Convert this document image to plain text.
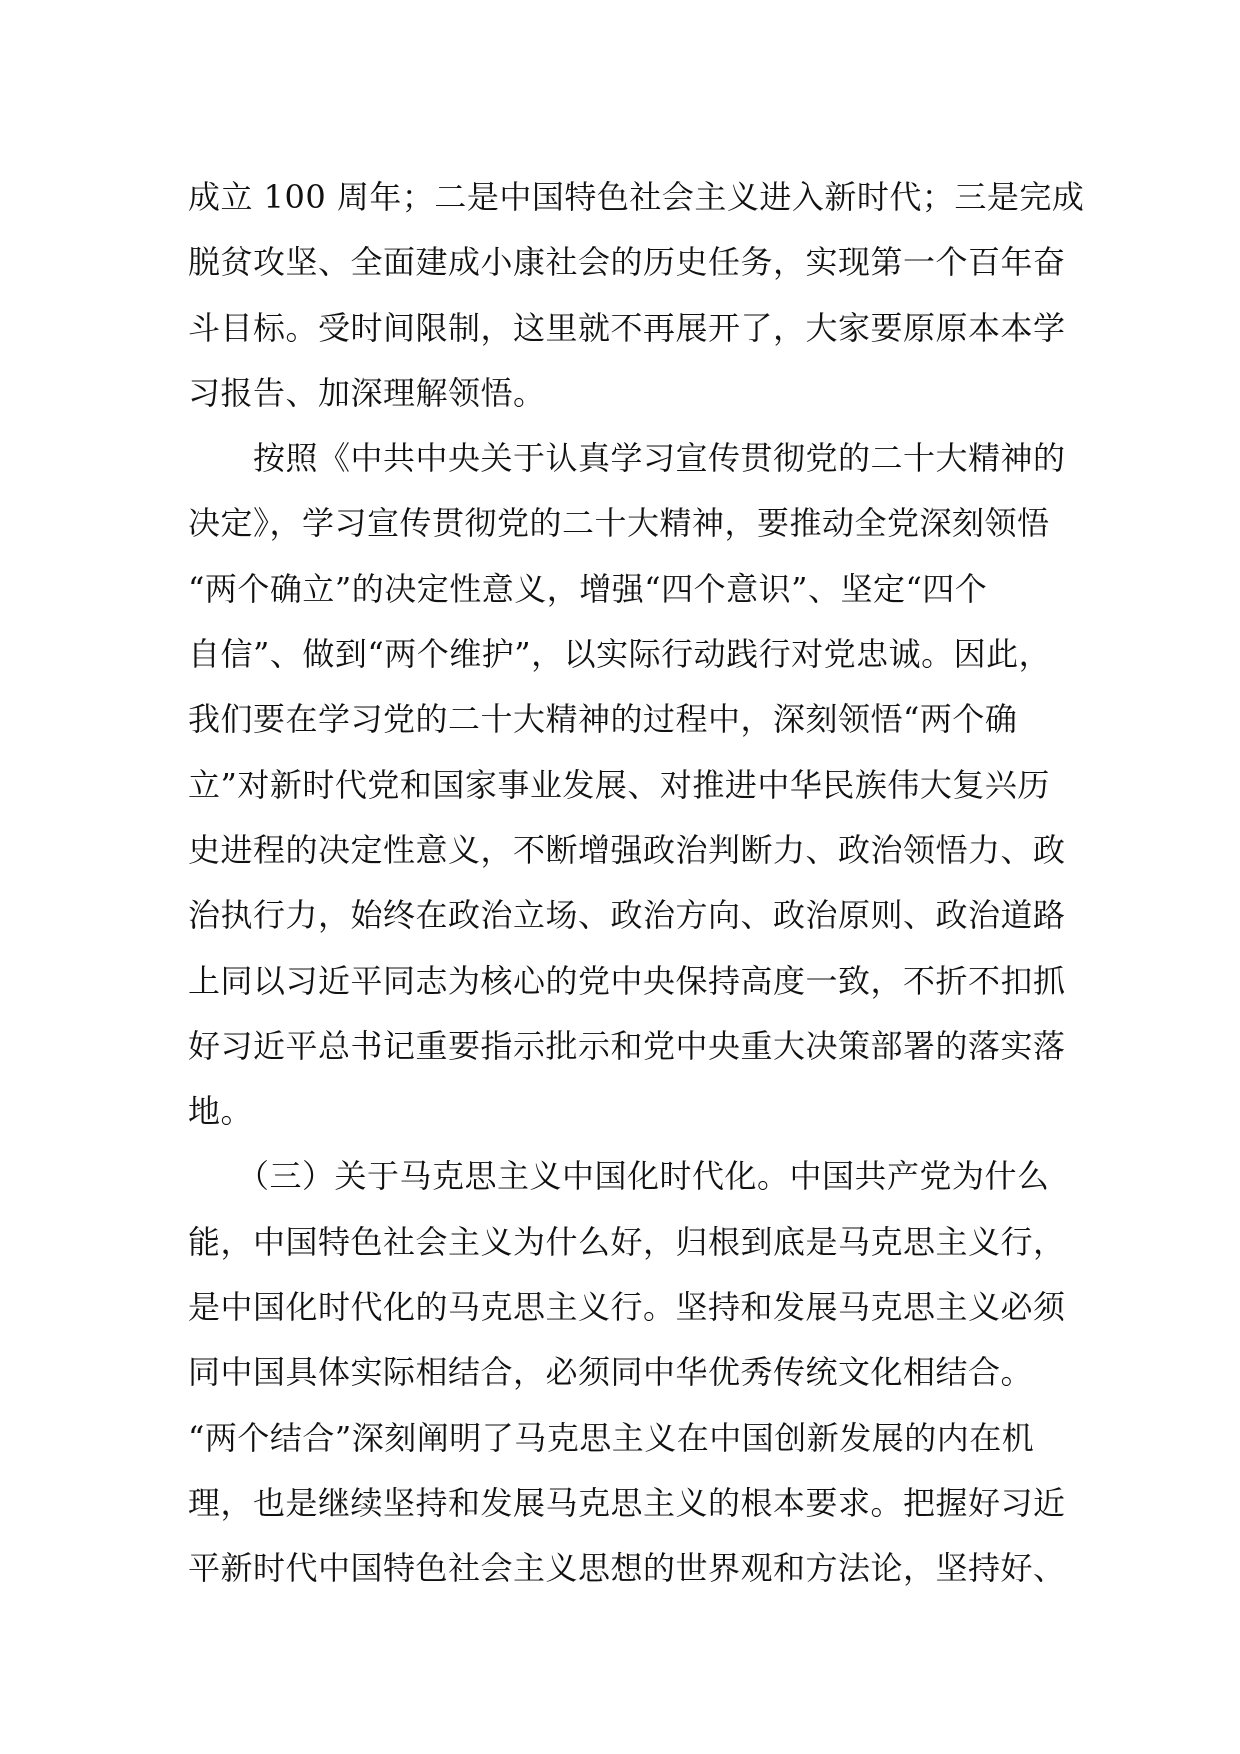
成立 100 周年；二是中国特色社会主义进入新时代；三是完成
脱贫攻坚、全面建成小康社会的历史任务，实现第一个百年奋
斗目标。受时间限制，这里就不再展开了，大家要原原本本学
习报告、加深理解领悟。
　　按照《中共中央关于认真学习宣传贯彻党的二十大精神的
决定》，学习宣传贯彻党的二十大精神，要推动全党深刻领悟
“两个确立”的决定性意义，增强“四个意识”、坚定“四个
自信”、做到“两个维护”，以实际行动践行对党忠诚。因此，
我们要在学习党的二十大精神的过程中，深刻领悟“两个确
立”对新时代党和国家事业发展、对推进中华民族伟大复兴历
史进程的决定性意义，不断增强政治判断力、政治领悟力、政
治执行力，始终在政治立场、政治方向、政治原则、政治道路
上同以习近平同志为核心的党中央保持高度一致，不折不扣抓
好习近平总书记重要指示批示和党中央重大决策部署的落实落
地。
　　（三）关于马克思主义中国化时代化。中国共产党为什么
能，中国特色社会主义为什么好，归根到底是马克思主义行，
是中国化时代化的马克思主义行。坚持和发展马克思主义必须
同中国具体实际相结合，必须同中华优秀传统文化相结合。
“两个结合”深刻阐明了马克思主义在中国创新发展的内在机
理，也是继续坚持和发展马克思主义的根本要求。把握好习近
平新时代中国特色社会主义思想的世界观和方法论，坚持好、
